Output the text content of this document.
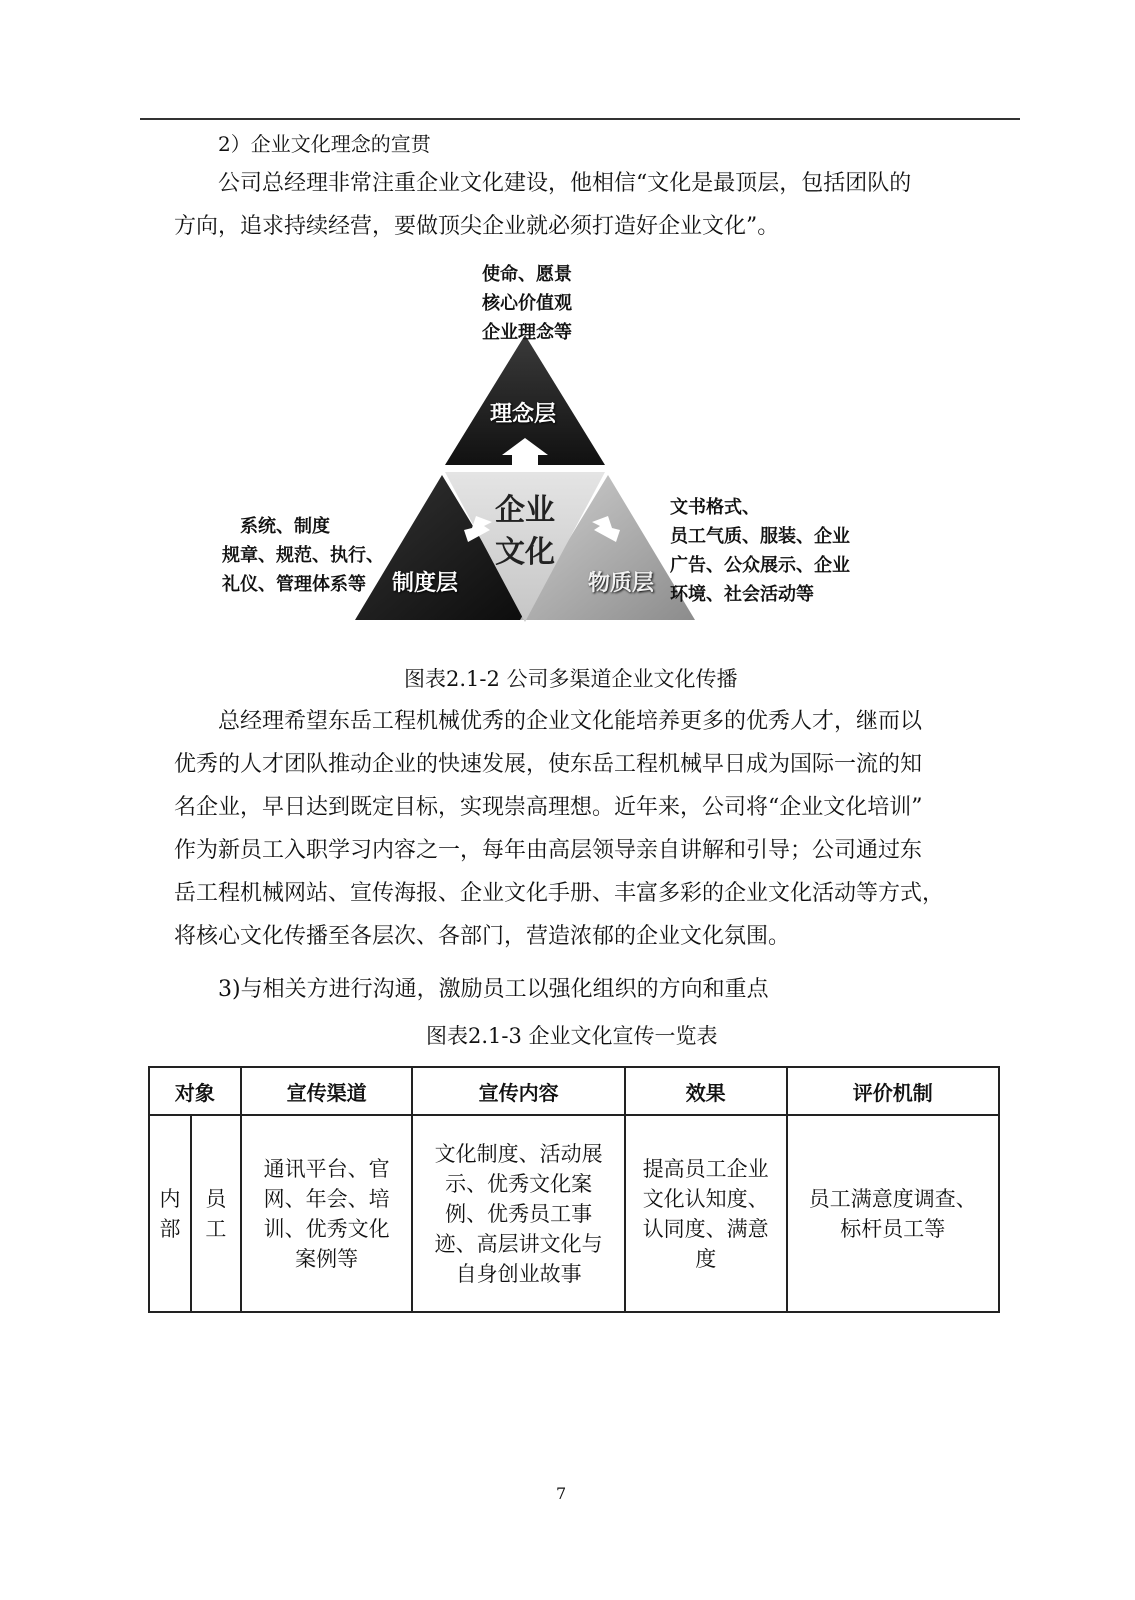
2）企业文化理念的宣贯
公司总经理非常注重企业文化建设，他相信“文化是最顶层，包括团队的
方向，追求持续经营，要做顶尖企业就必须打造好企业文化”。
使命、愿景
核心价值观
企业理念等
系统、制度
规章、规范、执行、
礼仪、管理体系等
文书格式、
员工气质、服装、企业
广告、公众展示、企业
环境、社会活动等
理念层
制度层	物质层
企业
文化
图表2.1-2 公司多渠道企业文化传播
总经理希望东岳工程机械优秀的企业文化能培养更多的优秀人才，继而以
优秀的人才团队推动企业的快速发展，使东岳工程机械早日成为国际一流的知
名企业，早日达到既定目标，实现崇高理想。近年来，公司将“企业文化培训”
作为新员工入职学习内容之一，每年由高层领导亲自讲解和引导；公司通过东
岳工程机械网站、宣传海报、企业文化手册、丰富多彩的企业文化活动等方式，
将核心文化传播至各层次、各部门，营造浓郁的企业文化氛围。
3)与相关方进行沟通，激励员工以强化组织的方向和重点
图表2.1-3 企业文化宣传一览表
对象		宣传渠道	宣传内容	效果	评价机制
内部	员工	通讯平台、官
网、年会、培
训、优秀文化
案例等	文化制度、活动展
示、优秀文化案
例、优秀员工事
迹、高层讲文化与
自身创业故事	提高员工企业
文化认知度、
认同度、满意
度	员工满意度调查、
标杆员工等
7
